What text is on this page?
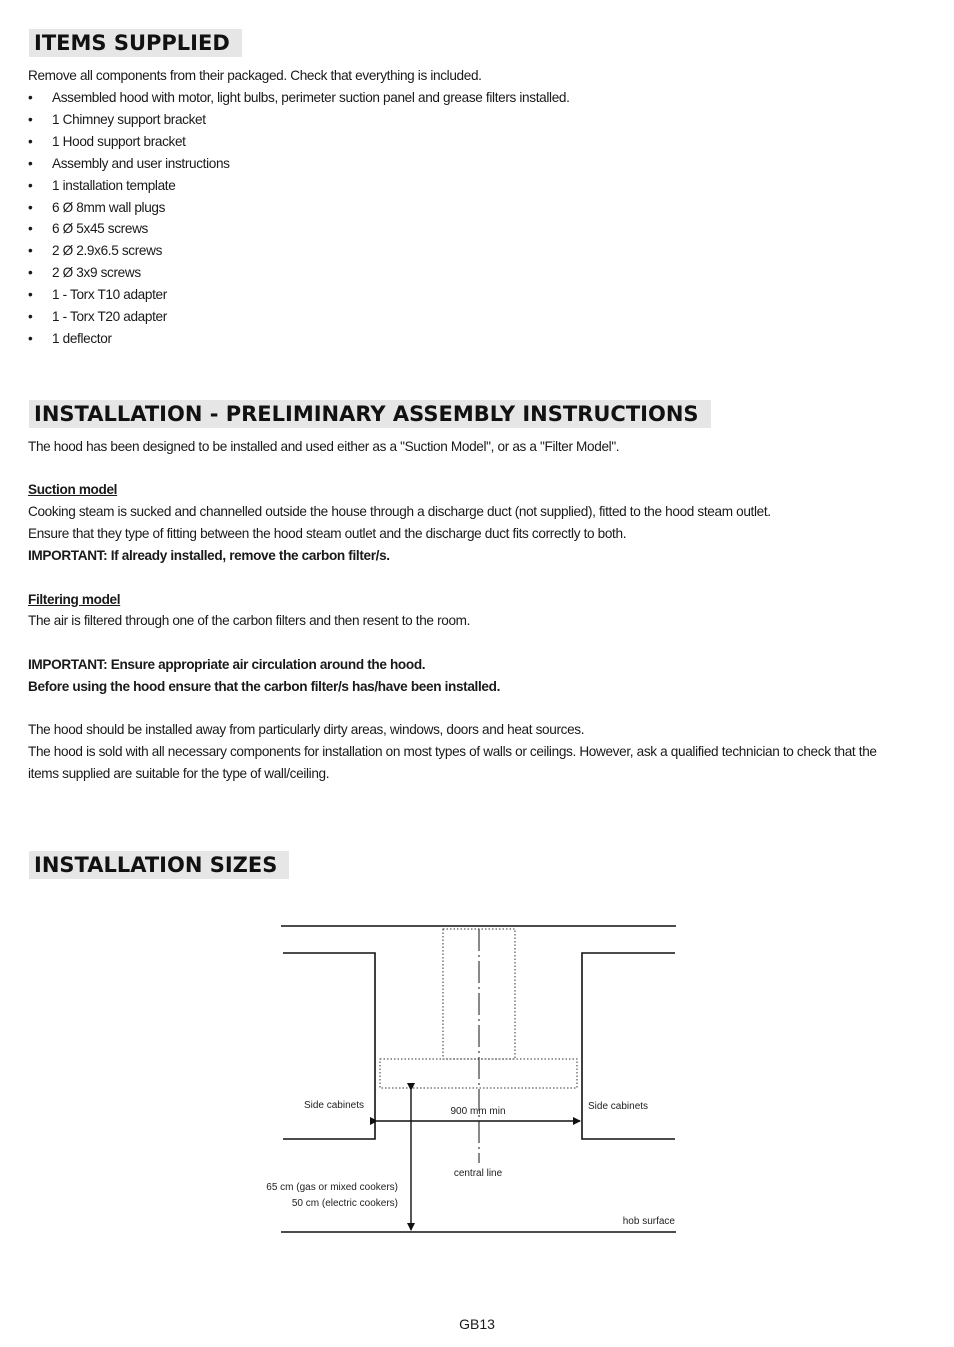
ITEMS SUPPLIED
Remove all components from their packaged. Check that everything is included.
• Assembled hood with motor, light bulbs, perimeter suction panel and grease filters installed.
• 1 Chimney support bracket
• 1 Hood support bracket
• Assembly and user instructions
• 1 installation template
• 6 Ø 8mm wall plugs
• 6 Ø 5x45 screws
• 2 Ø 2.9x6.5 screws
• 2 Ø 3x9 screws
• 1 - Torx T10 adapter
• 1 - Torx T20 adapter
• 1 deflector
INSTALLATION - PRELIMINARY ASSEMBLY INSTRUCTIONS
The hood has been designed to be installed and used either as a "Suction Model", or as a "Filter Model".
Suction model
Cooking steam is sucked and channelled outside the house through a discharge duct (not supplied), fitted to the hood steam outlet.
Ensure that they type of fitting between the hood steam outlet and the discharge duct fits correctly to both.
IMPORTANT: If already installed, remove the carbon filter/s.
Filtering model
The air is filtered through one of the carbon filters and then resent to the room.
IMPORTANT: Ensure appropriate air circulation around the hood.
Before using the hood ensure that the carbon filter/s has/have been installed.
The hood should be installed away from particularly dirty areas, windows, doors and heat sources.
The hood is sold with all necessary components for installation on most types of walls or ceilings. However, ask a qualified technician to check that the items supplied are suitable for the type of wall/ceiling.
INSTALLATION SIZES
Side cabinets	Side cabinets
900 mm min
central line
65 cm (gas or mixed cookers)
50 cm (electric cookers)
hob surface
GB13
